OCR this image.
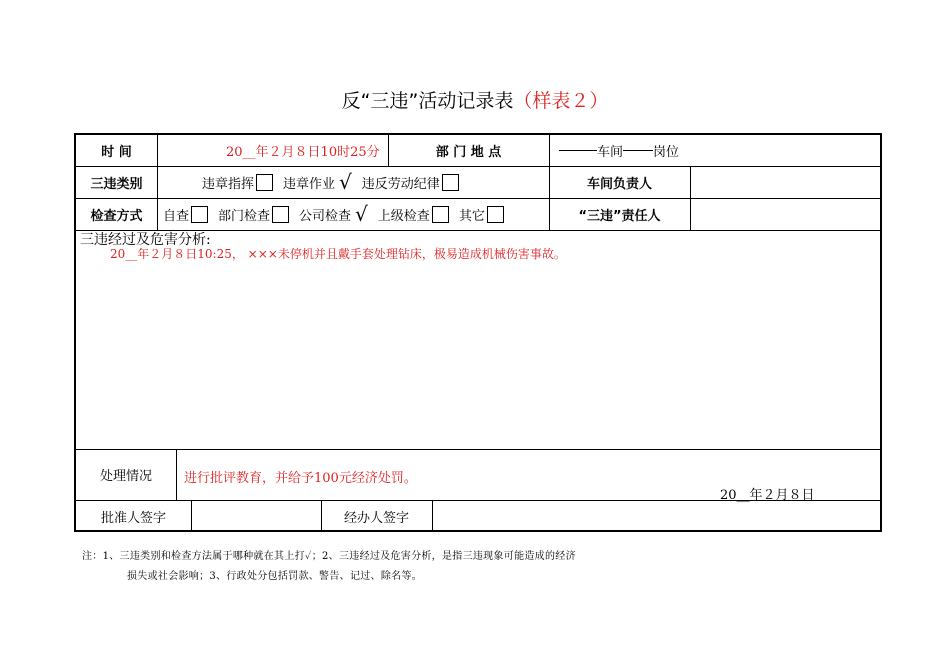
反“三违”活动记录表（样表２）
时 间	20__年２月８日10时25分	部 门 地 点	车间 岗位
三违类别	违章指挥 违章作业 √ 违反劳动纪律	车间负责人
检查方式	自查 部门检查 公司检查 √ 上级检查 其它	“三违”责任人
三违经过及危害分析:
20__年２月８日10:25， ×××未停机并且戴手套处理钻床，极易造成机械伤害事故。
处理情况	进行批评教育，并给予100元经济处罚。
20__年２月８日
批准人签字	经办人签字
注：1、三违类别和检查方法属于哪种就在其上打✓；2、三违经过及危害分析，是指三违现象可能造成的经济
损失或社会影响；3、行政处分包括罚款、警告、记过、除名等。
